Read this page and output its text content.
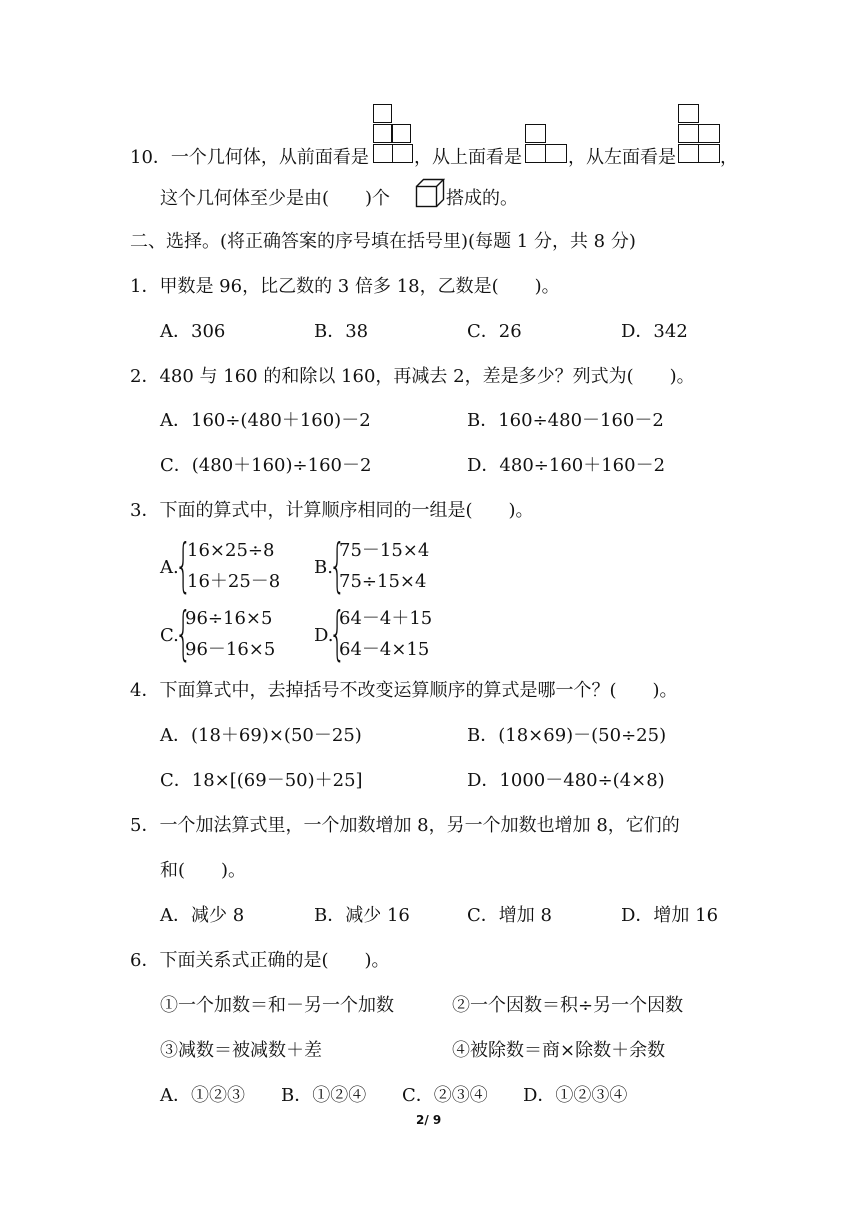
10．一个几何体，从前面看是	，从上面看是	，从左面看是 ，
这个几何体至少是由(　　)个	搭成的。
二、选择。(将正确答案的序号填在括号里)(每题 1 分，共 8 分)
1．甲数是 96，比乙数的 3 倍多 18，乙数是(　　)。
A．306	B．38	C．26	D．342
2．480 与 160 的和除以 160，再减去 2，差是多少？列式为(　　)。
A．160÷(480＋160)－2	B．160÷480－160－2
C．(480＋160)÷160－2	D．480÷160＋160－2
3．下面的算式中，计算顺序相同的一组是(　　)。
A.
{
16×25÷8
16＋25－8
B.
{
75－15×4
75÷15×4
C.
{
96÷16×5
96－16×5
D.
{
64－4＋15
64－4×15
4．下面算式中，去掉括号不改变运算顺序的算式是哪一个？(　　)。
A．(18＋69)×(50－25)	B．(18×69)－(50÷25)
C．18×[(69－50)＋25]	D．1000－480÷(4×8)
5．一个加法算式里，一个加数增加 8，另一个加数也增加 8，它们的
和(　　)。
A．减少 8	B．减少 16	C．增加 8	D．增加 16
6．下面关系式正确的是(　　)。
①一个加数＝和－另一个加数	②一个因数＝积÷另一个因数
③减数＝被减数＋差	④被除数＝商×除数＋余数
A．①②③ B．①②④ C．②③④ D．①②③④
2/ 9
